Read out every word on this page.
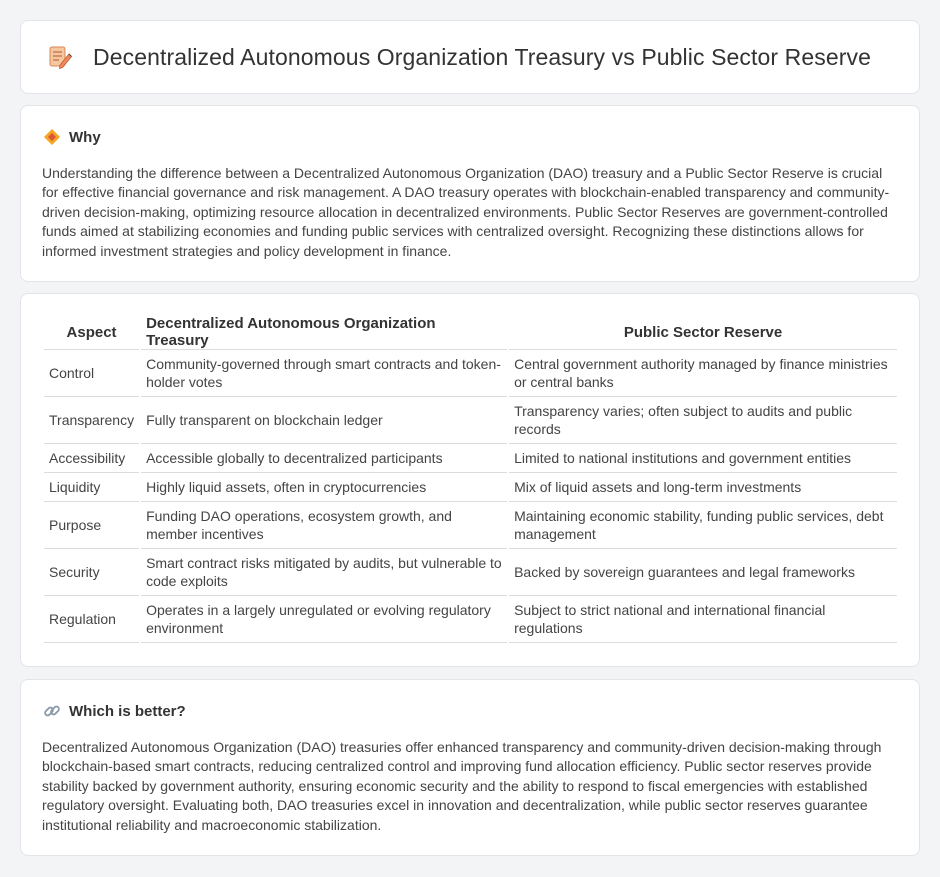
Decentralized Autonomous Organization Treasury vs Public Sector Reserve
Why

Understanding the difference between a Decentralized Autonomous Organization (DAO) treasury and a Public Sector Reserve is crucial for effective financial governance and risk management. A DAO treasury operates with blockchain-enabled transparency and community-driven decision-making, optimizing resource allocation in decentralized environments. Public Sector Reserves are government-controlled funds aimed at stabilizing economies and funding public services with centralized oversight. Recognizing these distinctions allows for informed investment strategies and policy development in finance.

Aspect	Decentralized Autonomous Organization Treasury	Public Sector Reserve
Control	Community-governed through smart contracts and token-holder votes	Central government authority managed by finance ministries or central banks
Transparency	Fully transparent on blockchain ledger	Transparency varies; often subject to audits and public records
Accessibility	Accessible globally to decentralized participants	Limited to national institutions and government entities
Liquidity	Highly liquid assets, often in cryptocurrencies	Mix of liquid assets and long-term investments
Purpose	Funding DAO operations, ecosystem growth, and member incentives	Maintaining economic stability, funding public services, debt management
Security	Smart contract risks mitigated by audits, but vulnerable to code exploits	Backed by sovereign guarantees and legal frameworks
Regulation	Operates in a largely unregulated or evolving regulatory environment	Subject to strict national and international financial regulations
Which is better?

Decentralized Autonomous Organization (DAO) treasuries offer enhanced transparency and community-driven decision-making through blockchain-based smart contracts, reducing centralized control and improving fund allocation efficiency. Public sector reserves provide stability backed by government authority, ensuring economic security and the ability to respond to fiscal emergencies with established regulatory oversight. Evaluating both, DAO treasuries excel in innovation and decentralization, while public sector reserves guarantee institutional reliability and macroeconomic stabilization.
